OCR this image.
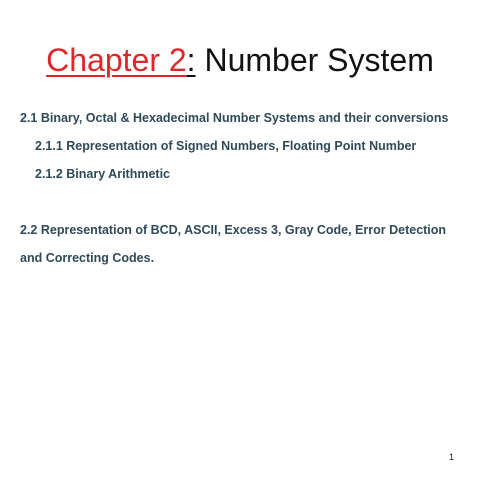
Chapter 2: Number System
2.1 Binary, Octal & Hexadecimal Number Systems and their conversions
2.1.1 Representation of Signed Numbers, Floating Point Number
2.1.2 Binary Arithmetic
2.2 Representation of BCD, ASCII, Excess 3, Gray Code, Error Detection
and Correcting Codes.
1
